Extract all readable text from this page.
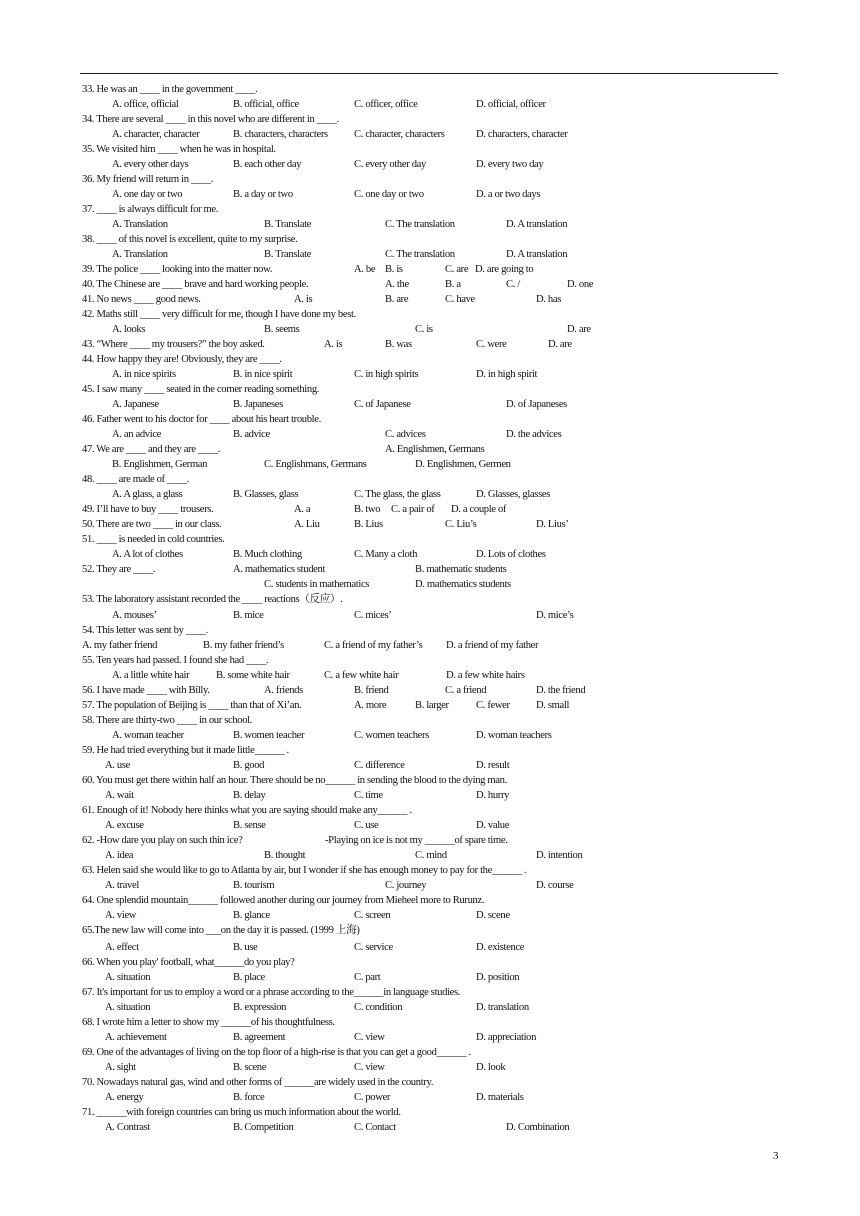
33. He was an ____ in the government ____.
A. office, official	B. official, office	C. officer, office	D. official, officer
34. There are several ____ in this novel who are different in ____.
A. character, character	B. characters, characters C. character, characters	D. characters, character
35. We visited him ____ when he was in hospital.
A. every other days	B. each other day	C. every other day	D. every two day
36. My friend will return in ____.
A. one day or two	B. a day or two	C. one day or two	D. a or two days
37. ____ is always difficult for me.
A. Translation	B. Translate	C. The translation	D. A translation
38. ____ of this novel is excellent, quite to my surprise.
A. Translation	B. Translate	C. The translation	D. A translation
39. The police ____ looking into the matter now.	A. be B. is	C. are D. are going to
40. The Chinese are ____ brave and hard working people.	A. the	B. a	C. /	D. one
41. No news ____ good news.	A. is	B. are	C. have	D. has
42. Maths still ____ very difficult for me, though I have done my best.
A. looks	B. seems	C. is	D. are
43. “Where ____ my trousers?” the boy asked.	A. is	B. was	C. were	D. are
44. How happy they are! Obviously, they are ____.
A. in nice spirits	B. in nice spirit	C. in high spirits	D. in high spirit
45. I saw many ____ seated in the corner reading something.
A. Japanese	B. Japaneses	C. of Japanese	D. of Japaneses
46. Father went to his doctor for ____ about his heart trouble.
A. an advice	B. advice	C. advices	D. the advices
47. We are ____ and they are ____.	A. Englishmen, Germans
B. Englishmen, German	C. Englishmans, Germans	D. Englishmen, Germen
48. ____ are made of ____.
A. A glass, a glass	B. Glasses, glass	C. The glass, the glass	D. Glasses, glasses
49. I’ll have to buy ____ trousers.	A. a	B. two C. a pair of D. a couple of
50. There are two ____ in our class.	A. Liu	B. Lius	C. Liu’s	D. Lius’
51. ____ is needed in cold countries.
A. A lot of clothes	B. Much clothing	C. Many a cloth	D. Lots of clothes
52. They are ____.	A. mathematics student	B. mathematic students
C. students in mathematics	D. mathematics students
53. The laboratory assistant recorded the ____ reactions（反应）.
A. mouses’	B. mice	C. mices’	D. mice’s
54. This letter was sent by ____.
A. my father friend	B. my father friend’s	C. a friend of my father’s D. a friend of my father
55. Ten years had passed. I found she had ____.
A. a little white hair	B. some white hair	C. a few white hair	D. a few white hairs
56. I have made ____ with Billy.	A. friends	B. friend	C. a friend	D. the friend
57. The population of Beijing is ____ than that of Xi’an.	A. more	B. larger	C. fewer D. small
58. There are thirty-two ____ in our school.
A. woman teacher	B. women teacher	C. women teachers	D. woman teachers
59. He had tried everything but it made little______ .
A. use	B. good	C. difference	D. result
60. You must get there within half an hour. There should be no______ in sending the blood to the dying man.
A. wait	B. delay	C. time	D. hurry
61. Enough of it! Nobody here thinks what you are saying should make any______ .
A. excuse	B. sense	C. use	D. value
62. -How dare you play on such thin ice?	-Playing on ice is not my ______of spare time.
A. idea	B. thought	C. mind	D. intention
63. Helen said she would like to go to Atlanta by air, but I wonder if she has enough money to pay for the______ .
A. travel	B. tourism	C. journey	D. course
64. One splendid mountain______ followed another during our journey from Mieheel more to Rurunz.
A. view	B. glance	C. screen	D. scene
65.The new law will come into ___on the day it is passed. (1999 上海)
A. effect	B. use	C. service	D. existence
66. When you play' football, what______do you play?
A. situation	B. place	C. part	D. position
67. It's important for us to employ a word or a phrase according to the______in language studies.
A. situation	B. expression	C. condition	D. translation
68. I wrote him a letter to show my ______of his thoughtfulness.
A. achievement	B. agreement	C. view	D. appreciation
69. One of the advantages of living on the top floor of a high-rise is that you can get a good______ .
A. sight	B. scene	C. view	D. look
70. Nowadays natural gas, wind and other forms of ______are widely used in the country.
A. energy	B. force	C. power	D. materials
71. ______with foreign countries can bring us much information about the world.
A. Contrast	B. Competition	C. Contact	D. Combination
3
